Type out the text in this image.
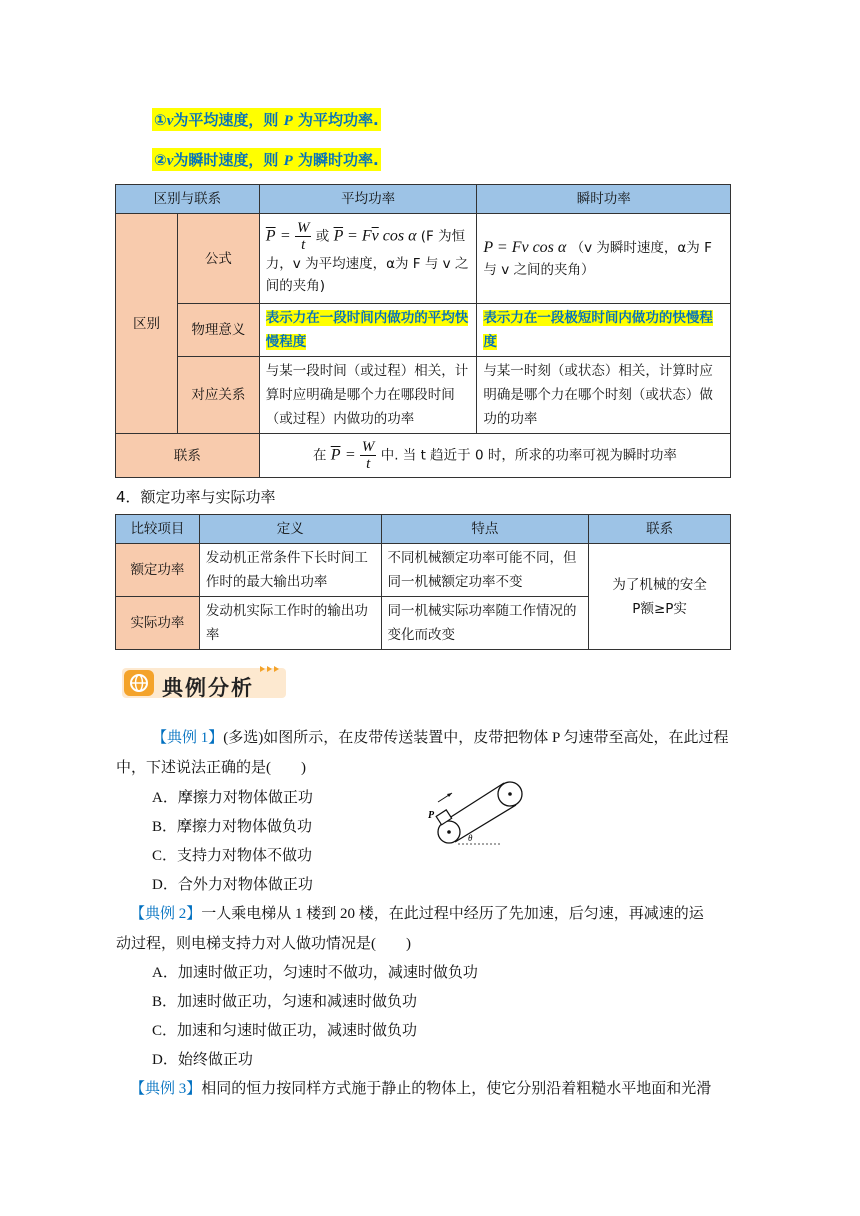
①v为平均速度，则 P 为平均功率.
②v为瞬时速度，则 P 为瞬时功率.
区别与联系		平均功率	瞬时功率
区别	公式	$\overline{P} = \frac{W}{t}$ 或 $\overline{P} = F\overline{v}$ cos α (F 为恒力，v 为平均速度，α为 F 与 v 之间的夹角)	P = Fv cos α （v 为瞬时速度，α为 F 与 v 之间的夹角）
	物理意义	表示力在一段时间内做功的平均快慢程度	表示力在一段极短时间内做功的快慢程度
	对应关系	与某一段时间（或过程）相关，计算时应明确是哪个力在哪段时间（或过程）内做功的功率	与某一时刻（或状态）相关，计算时应明确是哪个力在哪个时刻（或状态）做功的功率
联系		在 $\overline{P} = \frac{W}{t}$ 中. 当 t 趋近于 0 时，所求的功率可视为瞬时功率	
4．额定功率与实际功率
比较项目	定义	特点	联系
额定功率	发动机正常条件下长时间工作时的最大输出功率	不同机械额定功率可能不同，但同一机械额定功率不变	为了机械的安全
P额≥P实

实际功率	发动机实际工作时的输出功率	同一机械实际功率随工作情况的变化而改变	
典例分析
【典例 1】(多选)如图所示，在皮带传送装置中，皮带把物体 P 匀速带至高处，在此过程
中，下述说法正确的是(　　)
A．摩擦力对物体做正功
B．摩擦力对物体做负功
C．支持力对物体不做功
D．合外力对物体做正功
P
θ
【典例 2】一人乘电梯从 1 楼到 20 楼，在此过程中经历了先加速，后匀速，再减速的运
动过程，则电梯支持力对人做功情况是(　　)
A．加速时做正功，匀速时不做功，减速时做负功
B．加速时做正功，匀速和减速时做负功
C．加速和匀速时做正功，减速时做负功
D．始终做正功
【典例 3】相同的恒力按同样方式施于静止的物体上，使它分别沿着粗糙水平地面和光滑
